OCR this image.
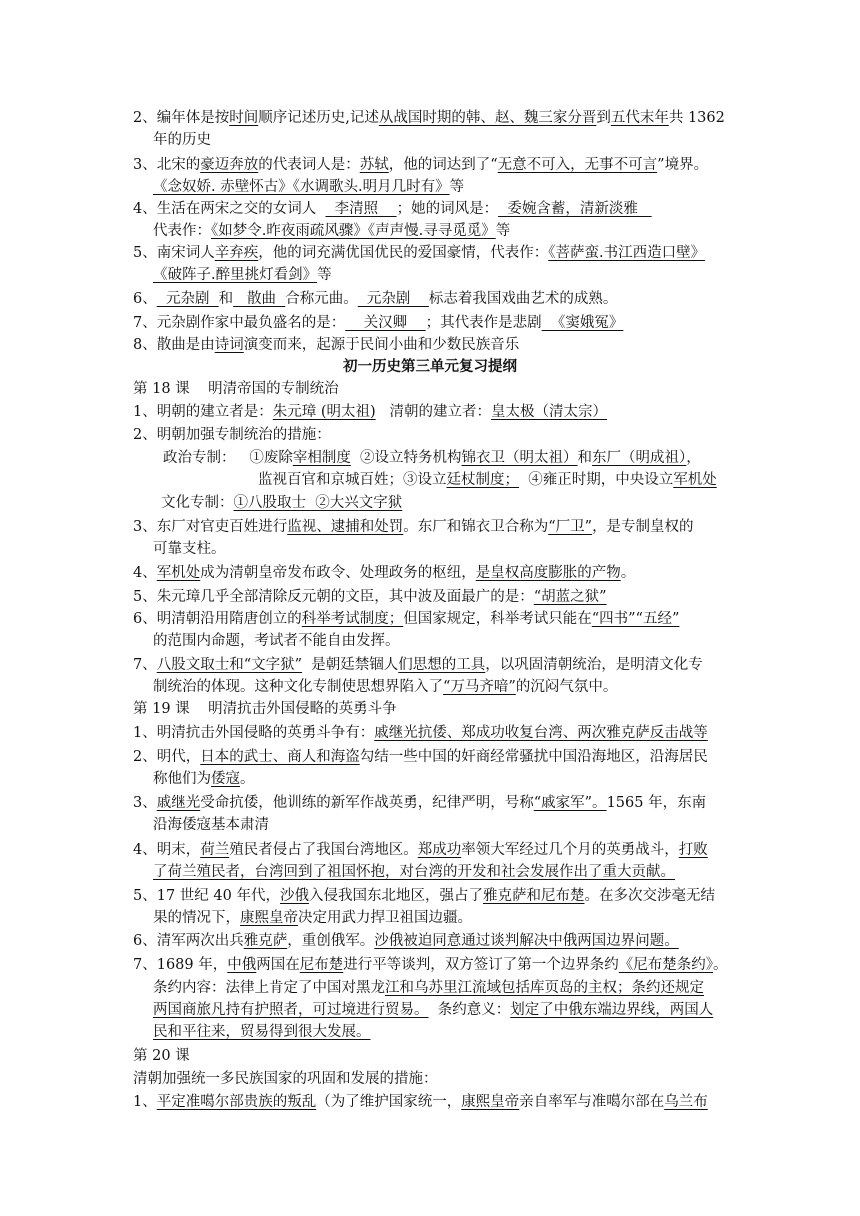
2、编年体是按时间顺序记述历史,记述从战国时期的韩、赵、魏三家分晋到五代末年共 1362
年的历史
3、北宋的豪迈奔放的代表词人是：苏轼，他的词达到了“无意不可入，无事不可言”境界。
《念奴娇. 赤壁怀古》《水调歌头.明月几时有》等
4、生活在两宋之交的女词人    李清照    ；她的词风是：  委婉含蓄，清新淡雅
代表作：《如梦令.昨夜雨疏风骤》《声声慢.寻寻觅觅》等
5、南宋词人辛弃疾，他的词充满优国优民的爱国豪情，代表作：《菩萨蛮.书江西造口壁》
《破阵子.醉里挑灯看剑》等
6、  元杂剧  和   散曲  合称元曲。  元杂剧    标志着我国戏曲艺术的成熟。
7、元杂剧作家中最负盛名的是：    关汉卿    ；其代表作是悲剧  《窦娥冤》
8、散曲是由诗词演变而来，起源于民间小曲和少数民族音乐
初一历史第三单元复习提纲
第 18 课    明清帝国的专制统治
1、明朝的建立者是：朱元璋 (明太祖)   清朝的建立者：皇太极（清太宗）
2、明朝加强专制统治的措施：
政治专制：   ①废除宰相制度  ②设立特务机构锦衣卫（明太祖）和东厂（明成祖），
监视百官和京城百姓；③设立廷杖制度；  ④雍正时期，中央设立军机处
文化专制：①八股取士  ②大兴文字狱
3、东厂对官吏百姓进行监视、逮捕和处罚。东厂和锦衣卫合称为“厂卫”，是专制皇权的
可靠支柱。
4、军机处成为清朝皇帝发布政令、处理政务的枢纽，是皇权高度膨胀的产物。
5、朱元璋几乎全部清除反元朝的文臣，其中波及面最广的是：“胡蓝之狱”
6、明清朝沿用隋唐创立的科举考试制度；但国家规定，科举考试只能在“四书”“五经”
的范围内命题，考试者不能自由发挥。
7、八股文取士和“文字狱”  是朝廷禁锢人们思想的工具，以巩固清朝统治，是明清文化专
制统治的体现。这种文化专制使思想界陷入了“万马齐喑”的沉闷气氛中。
第 19 课    明清抗击外国侵略的英勇斗争
1、明清抗击外国侵略的英勇斗争有：戚继光抗倭、郑成功收复台湾、两次雅克萨反击战等
2、明代，日本的武士、商人和海盗勾结一些中国的奸商经常骚扰中国沿海地区，沿海居民
称他们为倭寇。
3、戚继光受命抗倭，他训练的新军作战英勇，纪律严明，号称“戚家军”。1565 年，东南
沿海倭寇基本肃清
4、明末，荷兰殖民者侵占了我国台湾地区。郑成功率领大军经过几个月的英勇战斗，打败
了荷兰殖民者，台湾回到了祖国怀抱，对台湾的开发和社会发展作出了重大贡献。
5、17 世纪 40 年代，沙俄入侵我国东北地区，强占了雅克萨和尼布楚。在多次交涉毫无结
果的情况下，康熙皇帝决定用武力捍卫祖国边疆。
6、清军两次出兵雅克萨，重创俄军。沙俄被迫同意通过谈判解决中俄两国边界问题。
7、1689 年，中俄两国在尼布楚进行平等谈判，双方签订了第一个边界条约《尼布楚条约》。
条约内容：法律上肯定了中国对黑龙江和乌苏里江流域包括库页岛的主权；条约还规定
两国商旅凡持有护照者，可过境进行贸易。  条约意义：划定了中俄东端边界线，两国人
民和平往来，贸易得到很大发展。
第 20 课
清朝加强统一多民族国家的巩固和发展的措施：
1、平定准噶尔部贵族的叛乱（为了维护国家统一，康熙皇帝亲自率军与准噶尔部在乌兰布
